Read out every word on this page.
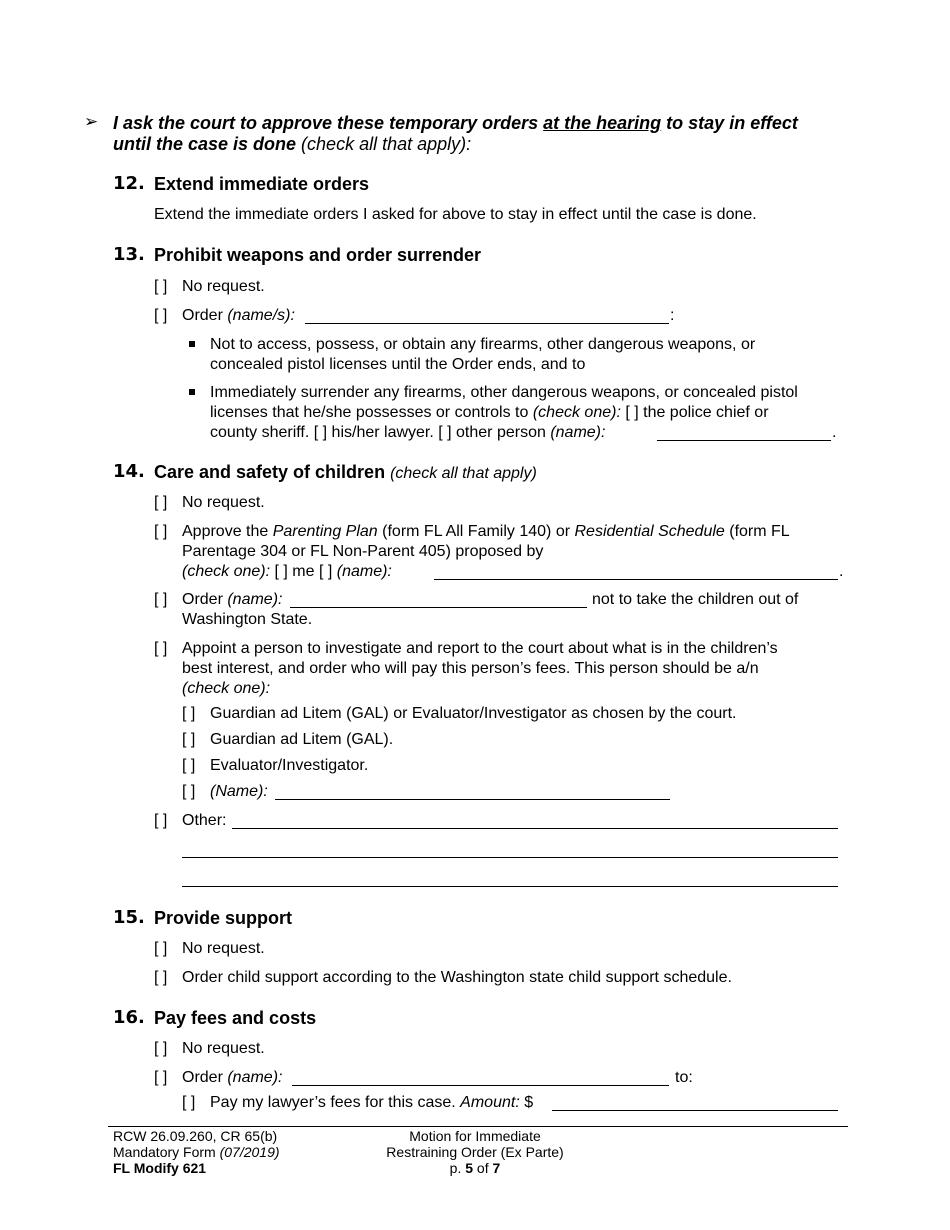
➢ I ask the court to approve these temporary orders at the hearing to stay in effect
until the case is done (check all that apply):
12. Extend immediate orders
Extend the immediate orders I asked for above to stay in effect until the case is done.
13. Prohibit weapons and order surrender
[ ] No request.
[ ] Order (name/s):	:
Not to access, possess, or obtain any firearms, other dangerous weapons, or
concealed pistol licenses until the Order ends, and to
Immediately surrender any firearms, other dangerous weapons, or concealed pistol
licenses that he/she possesses or controls to (check one): [ ] the police chief or
county sheriff. [ ] his/her lawyer. [ ] other person (name):	.
14. Care and safety of children (check all that apply)
[ ] No request.
[ ] Approve the Parenting Plan (form FL All Family 140) or Residential Schedule (form FL
Parentage 304 or FL Non-Parent 405) proposed by
(check one): [ ] me [ ] (name):	.
[ ] Order (name):	not to take the children out of
Washington State.
[ ] Appoint a person to investigate and report to the court about what is in the children’s
best interest, and order who will pay this person’s fees. This person should be a/n
(check one):
[ ] Guardian ad Litem (GAL) or Evaluator/Investigator as chosen by the court.
[ ] Guardian ad Litem (GAL).
[ ] Evaluator/Investigator.
[ ] (Name):
[ ] Other:
15. Provide support
[ ] No request.
[ ] Order child support according to the Washington state child support schedule.
16. Pay fees and costs
[ ] No request.
[ ] Order (name):	to:
[ ] Pay my lawyer’s fees for this case. Amount: $
RCW 26.09.260, CR 65(b)
Mandatory Form (07/2019)
FL Modify 621
Motion for Immediate
Restraining Order (Ex Parte)
p. 5 of 7
